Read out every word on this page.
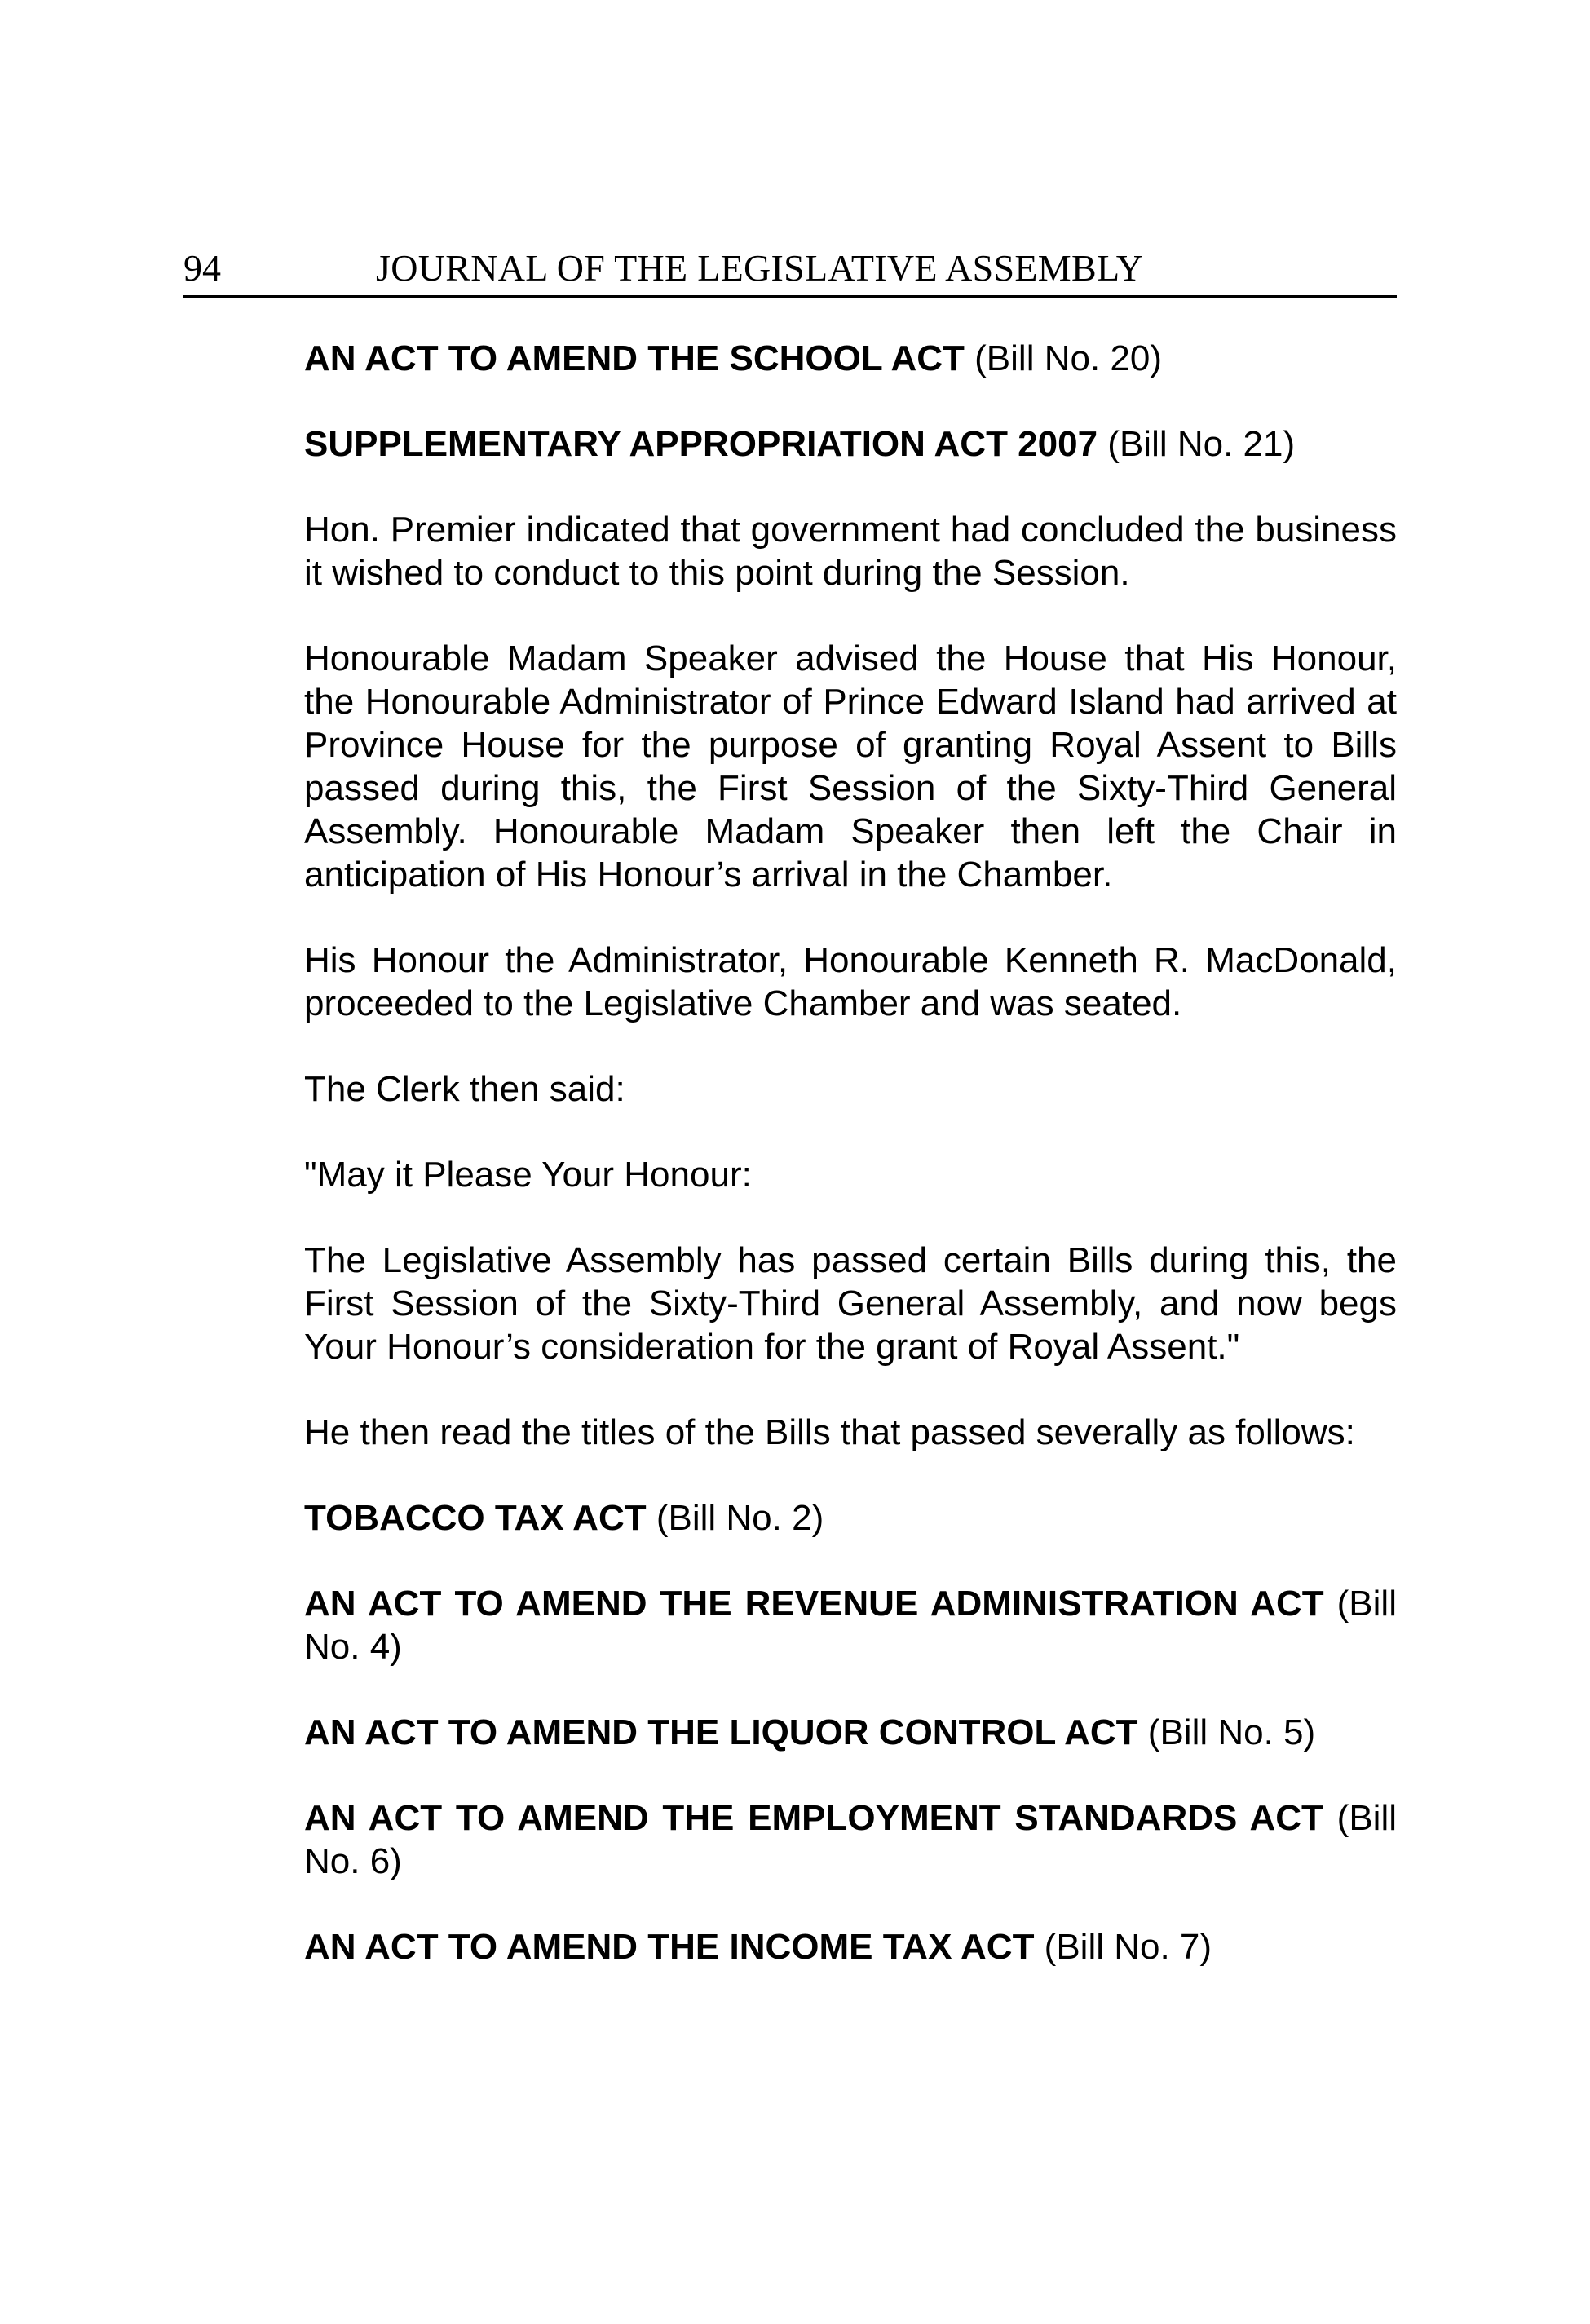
94	JOURNAL OF THE LEGISLATIVE ASSEMBLY

AN ACT TO AMEND THE SCHOOL ACT (Bill No. 20)

SUPPLEMENTARY APPROPRIATION ACT 2007 (Bill No. 21)

Hon. Premier indicated that government had concluded the business it wished to conduct to this point during the Session.

Honourable Madam Speaker advised the House that His Honour, the Honourable Administrator of Prince Edward Island had arrived at Province House for the purpose of granting Royal Assent to Bills passed during this, the First Session of the Sixty-Third General Assembly. Honourable Madam Speaker then left the Chair in anticipation of His Honour’s arrival in the Chamber.

His Honour the Administrator, Honourable Kenneth R. MacDonald, proceeded to the Legislative Chamber and was seated.

The Clerk then said:

"May it Please Your Honour:

The Legislative Assembly has passed certain Bills during this, the First Session of the Sixty-Third General Assembly, and now begs Your Honour’s consideration for the grant of Royal Assent."

He then read the titles of the Bills that passed severally as follows:

TOBACCO TAX ACT (Bill No. 2)

AN ACT TO AMEND THE REVENUE ADMINISTRATION ACT (Bill No. 4)

AN ACT TO AMEND THE LIQUOR CONTROL ACT (Bill No. 5)

AN ACT TO AMEND THE EMPLOYMENT STANDARDS ACT (Bill No. 6)

AN ACT TO AMEND THE INCOME TAX ACT (Bill No. 7)
